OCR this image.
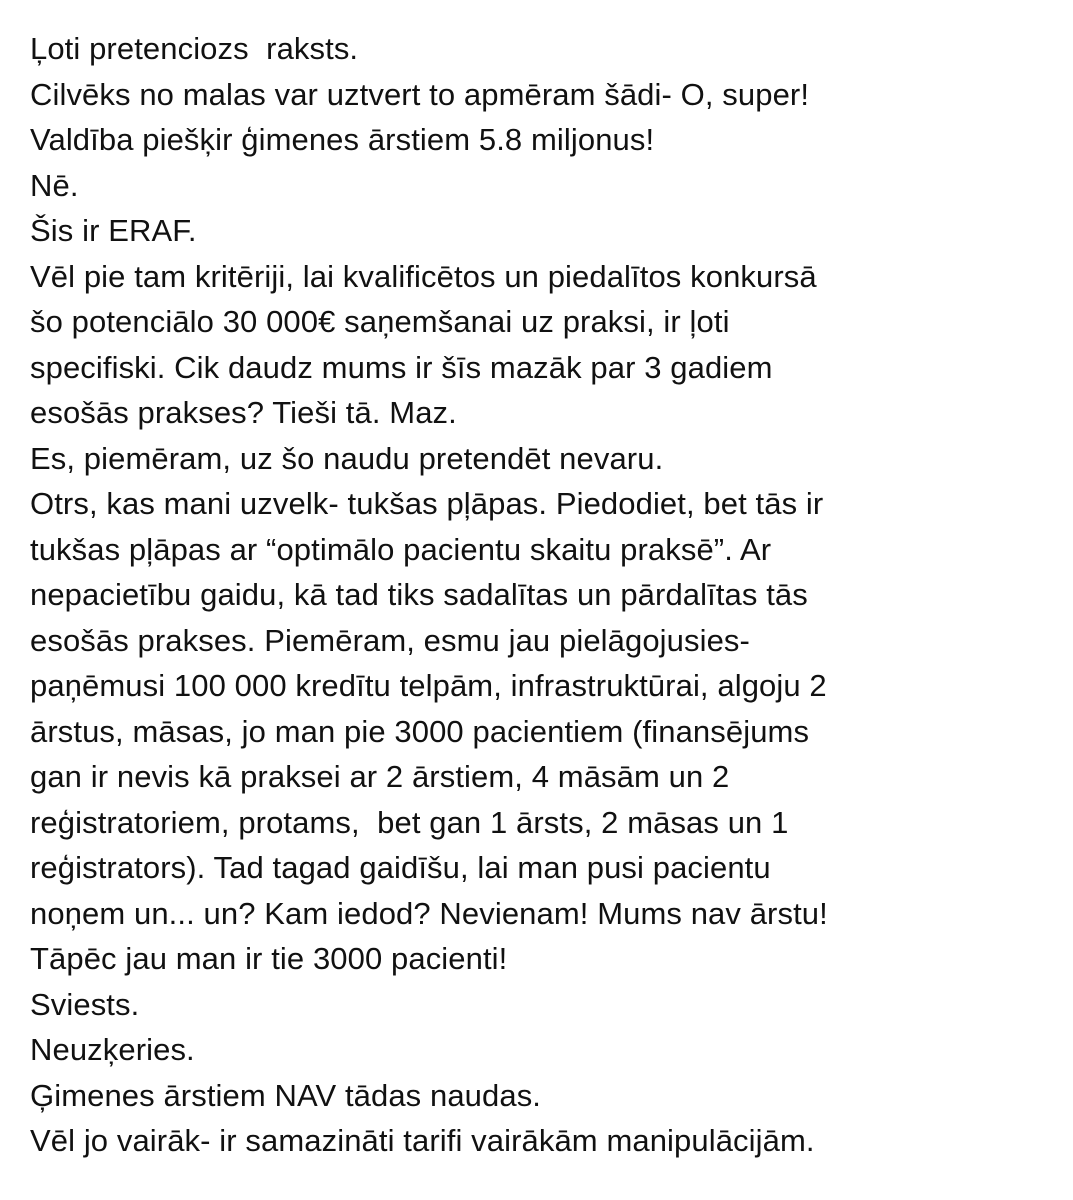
Ļoti pretenciozs  raksts.
Cilvēks no malas var uztvert to apmēram šādi- O, super!
Valdība piešķir ģimenes ārstiem 5.8 miljonus!
Nē.
Šis ir ERAF.
Vēl pie tam kritēriji, lai kvalificētos un piedalītos konkursā
šo potenciālo 30 000€ saņemšanai uz praksi, ir ļoti
specifiski. Cik daudz mums ir šīs mazāk par 3 gadiem
esošās prakses? Tieši tā. Maz.
Es, piemēram, uz šo naudu pretendēt nevaru.
Otrs, kas mani uzvelk- tukšas pļāpas. Piedodiet, bet tās ir
tukšas pļāpas ar “optimālo pacientu skaitu praksē”. Ar
nepacietību gaidu, kā tad tiks sadalītas un pārdalītas tās
esošās prakses. Piemēram, esmu jau pielāgojusies-
paņēmusi 100 000 kredītu telpām, infrastruktūrai, algoju 2
ārstus, māsas, jo man pie 3000 pacientiem (finansējums
gan ir nevis kā praksei ar 2 ārstiem, 4 māsām un 2
reģistratoriem, protams,  bet gan 1 ārsts, 2 māsas un 1
reģistrators). Tad tagad gaidīšu, lai man pusi pacientu
noņem un... un? Kam iedod? Nevienam! Mums nav ārstu!
Tāpēc jau man ir tie 3000 pacienti!
Sviests.
Neuzķeries.
Ģimenes ārstiem NAV tādas naudas.
Vēl jo vairāk- ir samazināti tarifi vairākām manipulācijām.
